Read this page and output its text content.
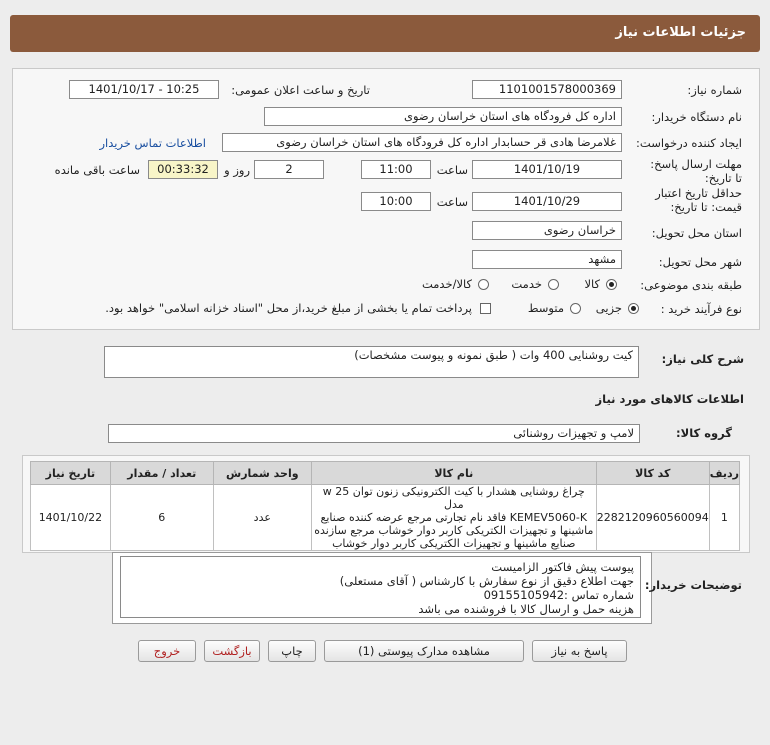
جزئیات اطلاعات نیاز
شماره نیاز:
1101001578000369
تاریخ و ساعت اعلان عمومی:
1401/10/17 - 10:25
نام دستگاه خریدار:
اداره کل فرودگاه های استان خراسان رضوی
ایجاد کننده درخواست:
غلامرضا هادی قر حسابدار اداره کل فرودگاه های استان خراسان رضوی
اطلاعات تماس خریدار
مهلت ارسال پاسخ: تا تاریخ:
1401/10/19
ساعت
11:00
2
روز و
00:33:32
ساعت باقی مانده
حداقل تاریخ اعتبار قیمت: تا تاریخ:
1401/10/29
ساعت
10:00
استان محل تحویل:
خراسان رضوی
شهر محل تحویل:
مشهد
طبقه بندی موضوعی:
کالا
خدمت
کالا/خدمت
نوع فرآیند خرید :
جزیی
متوسط
پرداخت تمام یا بخشی از مبلغ خرید،از محل "اسناد خزانه اسلامی" خواهد بود.
شرح کلی نیاز:
کیت روشنایی 400 وات ( طبق نمونه و پیوست مشخصات)
اطلاعات کالاهای مورد نیاز
گروه کالا:
لامپ و تجهیزات روشنائی
ردیف	کد کالا	نام کالا	واحد شمارش	تعداد / مقدار	تاریخ نیاز
1	2282120960560094	چراغ روشنایی هشدار با کیت الکترونیکی زنون توان 25 w مدل
KEMEV5060-K فاقد نام تجارتی مرجع عرضه کننده صنایع
ماشینها و تجهیزات الکتریکی کاربر دوار خوشاب مرجع سازنده
صنایع ماشینها و تجهیزات الکتریکی کاربر دوار خوشاب	عدد	6	1401/10/22
توضیحات خریدار:
پیوست پیش فاکتور الزامیست
جهت اطلاع دقیق از نوع سفارش با کارشناس ( آقای مستعلی)
شماره تماس :09155105942
هزینه حمل و ارسال کالا با فروشنده می باشد
پاسخ به نیاز
مشاهده مدارک پیوستی (1)
چاپ
بازگشت
خروج
